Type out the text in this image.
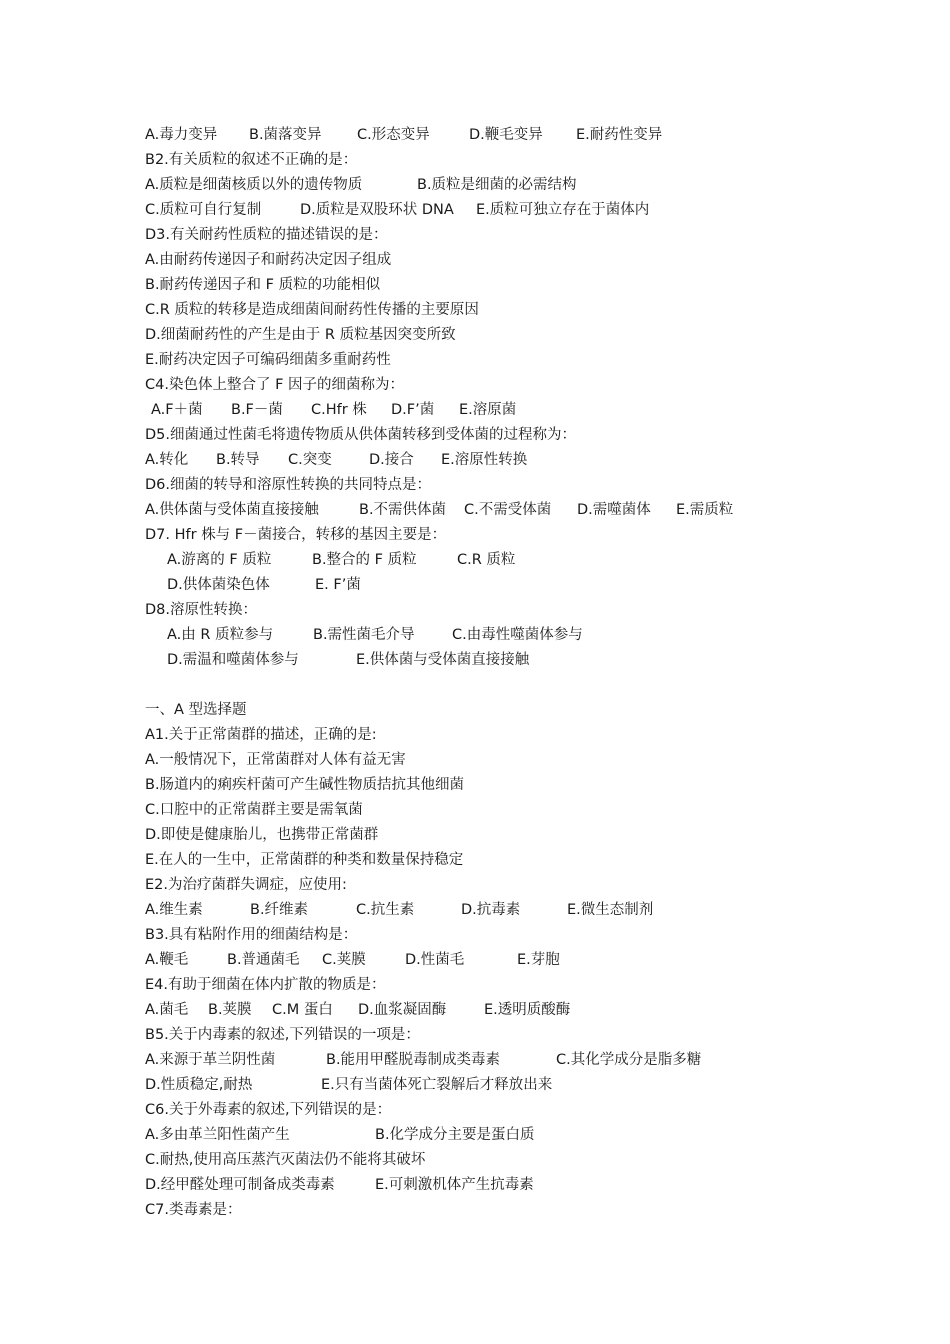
A.毒力变异 B.菌落变异 C.形态变异	D.鞭毛变异 E.耐药性变异
B2.有关质粒的叙述不正确的是：
A.质粒是细菌核质以外的遗传物质	B.质粒是细菌的必需结构
C.质粒可自行复制	D.质粒是双股环状 DNA E.质粒可独立存在于菌体内
D3.有关耐药性质粒的描述错误的是：
A.由耐药传递因子和耐药决定因子组成
B.耐药传递因子和 F 质粒的功能相似
C.R 质粒的转移是造成细菌间耐药性传播的主要原因
D.细菌耐药性的产生是由于 R 质粒基因突变所致
E.耐药决定因子可编码细菌多重耐药性
C4.染色体上整合了 F 因子的细菌称为：
A.F＋菌 B.F－菌 C.Hfr 株 D.F’菌 E.溶原菌
D5.细菌通过性菌毛将遗传物质从供体菌转移到受体菌的过程称为：
A.转化 B.转导 C.突变	D.接合 E.溶原性转换
D6.细菌的转导和溶原性转换的共同特点是：
A.供体菌与受体菌直接接触	B.不需供体菌 C.不需受体菌 D.需噬菌体 E.需质粒
D7. Hfr 株与 F－菌接合，转移的基因主要是：
A.游离的 F 质粒	B.整合的 F 质粒	C.R 质粒
D.供体菌染色体	E. F’菌
D8.溶原性转换：
A.由 R 质粒参与	B.需性菌毛介导	C.由毒性噬菌体参与
D.需温和噬菌体参与	E.供体菌与受体菌直接接触
一、A 型选择题
A1.关于正常菌群的描述，正确的是:
A.一般情况下，正常菌群对人体有益无害
B.肠道内的痢疾杆菌可产生碱性物质拮抗其他细菌
C.口腔中的正常菌群主要是需氧菌
D.即使是健康胎儿，也携带正常菌群
E.在人的一生中，正常菌群的种类和数量保持稳定
E2.为治疗菌群失调症，应使用:
A.维生素	B.纤维素	C.抗生素	D.抗毒素	E.微生态制剂
B3.具有粘附作用的细菌结构是：
A.鞭毛	B.普通菌毛 C.荚膜	D.性菌毛	E.芽胞
E4.有助于细菌在体内扩散的物质是：
A.菌毛 B.荚膜 C.M 蛋白 D.血浆凝固酶	E.透明质酸酶
B5.关于内毒素的叙述,下列错误的一项是：
A.来源于革兰阴性菌	B.能用甲醛脱毒制成类毒素	C.其化学成分是脂多糖
D.性质稳定,耐热	E.只有当菌体死亡裂解后才释放出来
C6.关于外毒素的叙述,下列错误的是：
A.多由革兰阳性菌产生	B.化学成分主要是蛋白质
C.耐热,使用高压蒸汽灭菌法仍不能将其破坏
D.经甲醛处理可制备成类毒素	E.可刺激机体产生抗毒素
C7.类毒素是：
